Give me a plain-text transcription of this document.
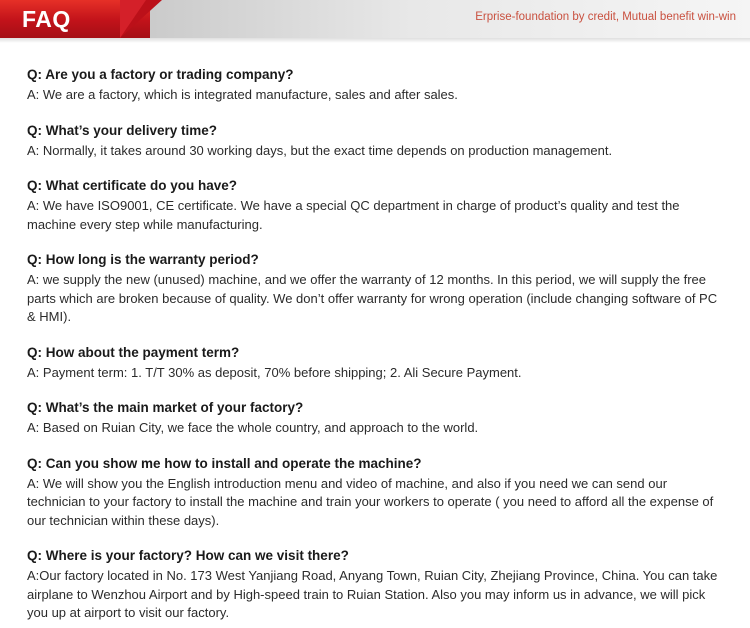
FAQ	Erprise-foundation by credit, Mutual benefit win-win
Q: Are you a factory or trading company?
A: We are a factory, which is integrated manufacture, sales and after sales.
Q: What’s your delivery time?
A: Normally, it takes around 30 working days, but the exact time depends on production management.
Q: What certificate do you have?
A: We have ISO9001, CE certificate. We have a special QC department in charge of product’s quality and test the machine every step while manufacturing.
Q: How long is the warranty period?
A: we supply the new (unused) machine, and we offer the warranty of 12 months. In this period, we will supply the free parts which are broken because of quality. We don’t offer warranty for wrong operation (include changing software of PC & HMI).
Q: How about the payment term?
A: Payment term: 1. T/T 30% as deposit, 70% before shipping; 2. Ali Secure Payment.
Q: What’s the main market of your factory?
A: Based on Ruian City, we face the whole country, and approach to the world.
Q: Can you show me how to install and operate the machine?
A: We will show you the English introduction menu and video of machine, and also if you need we can send our technician to your factory to install the machine and train your workers to operate ( you need to afford all the expense of our technician within these days).
Q: Where is your factory? How can we visit there?
A:Our factory located in No. 173 West Yanjiang Road, Anyang Town, Ruian City, Zhejiang Province, China. You can take airplane to Wenzhou Airport and by High-speed train to Ruian Station. Also you may inform us in advance, we will pick you up at airport to visit our factory.
